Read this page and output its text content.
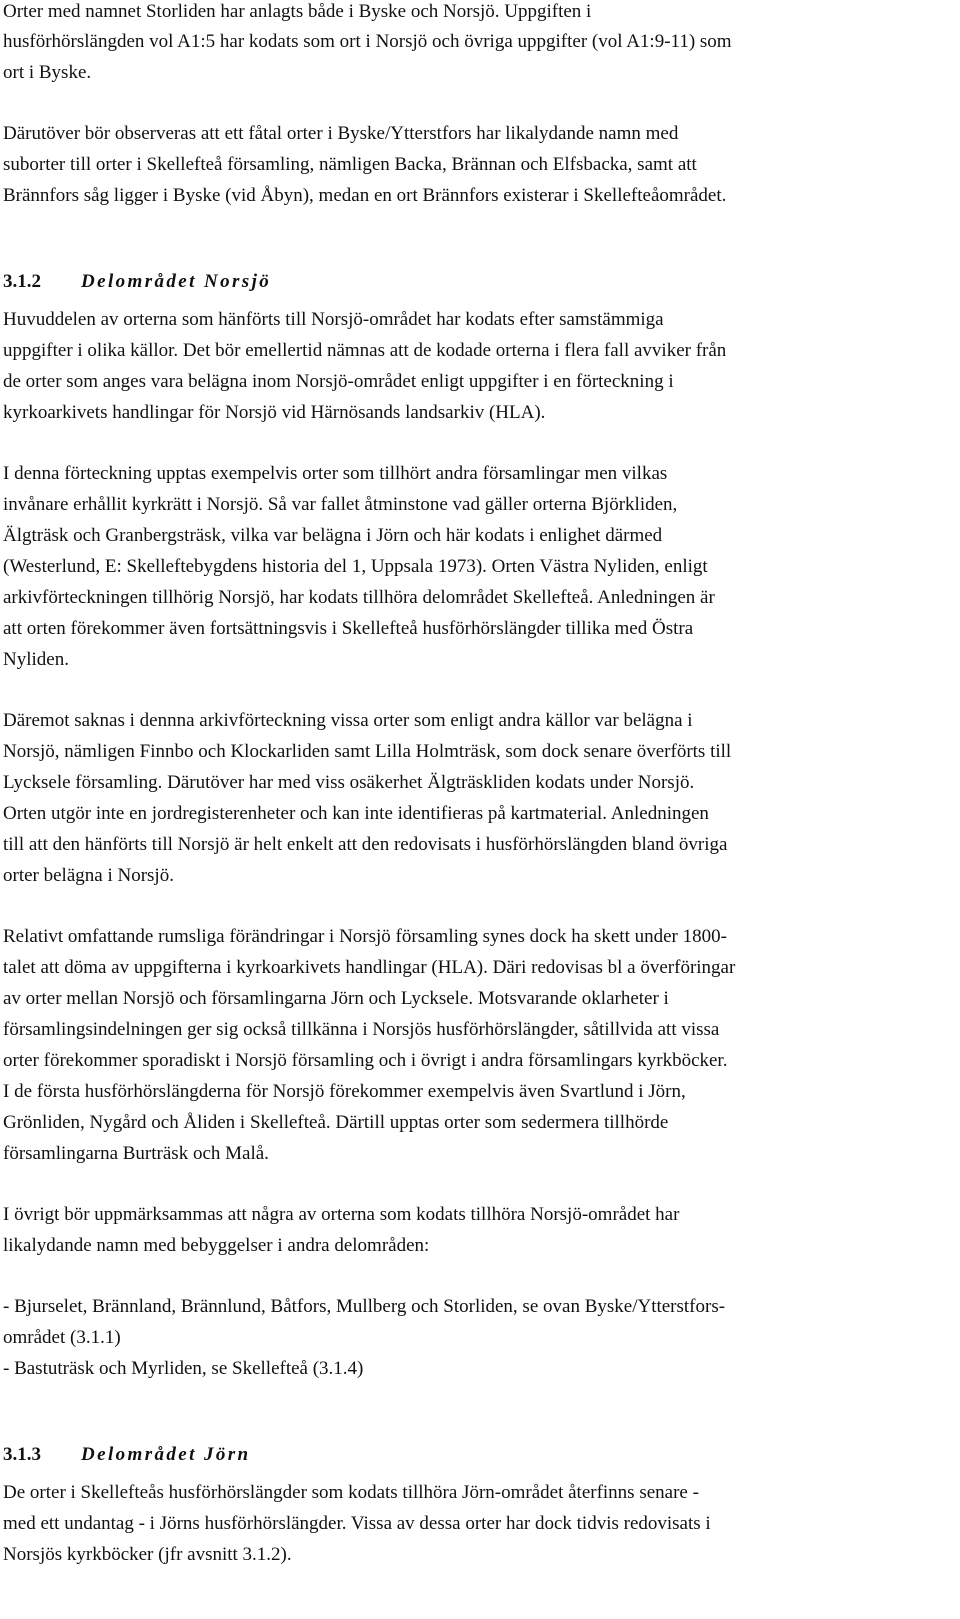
Orter med namnet Storliden har anlagts både i Byske och Norsjö. Uppgiften i
husförhörslängden vol A1:5 har kodats som ort i Norsjö och övriga uppgifter (vol A1:9-11) som
ort i Byske.
Därutöver bör observeras att ett fåtal orter i Byske/Ytterstfors har likalydande namn med
suborter till orter i Skellefteå församling, nämligen Backa, Brännan och Elfsbacka, samt att
Brännfors såg ligger i Byske (vid Åbyn), medan en ort Brännfors existerar i Skellefteåområdet.
3.1.2 Delområdet Norsjö
Huvuddelen av orterna som hänförts till Norsjö-området har kodats efter samstämmiga
uppgifter i olika källor. Det bör emellertid nämnas att de kodade orterna i flera fall avviker från
de orter som anges vara belägna inom Norsjö-området enligt uppgifter i en förteckning i
kyrkoarkivets handlingar för Norsjö vid Härnösands landsarkiv (HLA).
I denna förteckning upptas exempelvis orter som tillhört andra församlingar men vilkas
invånare erhållit kyrkrätt i Norsjö. Så var fallet åtminstone vad gäller orterna Björkliden,
Älgträsk och Granbergsträsk, vilka var belägna i Jörn och här kodats i enlighet därmed
(Westerlund, E: Skelleftebygdens historia del 1, Uppsala 1973). Orten Västra Nyliden, enligt
arkivförteckningen tillhörig Norsjö, har kodats tillhöra delområdet Skellefteå. Anledningen är
att orten förekommer även fortsättningsvis i Skellefteå husförhörslängder tillika med Östra
Nyliden.
Däremot saknas i dennna arkivförteckning vissa orter som enligt andra källor var belägna i
Norsjö, nämligen Finnbo och Klockarliden samt Lilla Holmträsk, som dock senare överförts till
Lycksele församling. Därutöver har med viss osäkerhet Älgträskliden kodats under Norsjö.
Orten utgör inte en jordregisterenheter och kan inte identifieras på kartmaterial. Anledningen
till att den hänförts till Norsjö är helt enkelt att den redovisats i husförhörslängden bland övriga
orter belägna i Norsjö.
Relativt omfattande rumsliga förändringar i Norsjö församling synes dock ha skett under 1800-
talet att döma av uppgifterna i kyrkoarkivets handlingar (HLA). Däri redovisas bl a överföringar
av orter mellan Norsjö och församlingarna Jörn och Lycksele. Motsvarande oklarheter i
församlingsindelningen ger sig också tillkänna i Norsjös husförhörslängder, såtillvida att vissa
orter förekommer sporadiskt i Norsjö församling och i övrigt i andra församlingars kyrkböcker.
I de första husförhörslängderna för Norsjö förekommer exempelvis även Svartlund i Jörn,
Grönliden, Nygård och Åliden i Skellefteå. Därtill upptas orter som sedermera tillhörde
församlingarna Burträsk och Malå.
I övrigt bör uppmärksammas att några av orterna som kodats tillhöra Norsjö-området har
likalydande namn med bebyggelser i andra delområden:
- Bjurselet, Brännland, Brännlund, Båtfors, Mullberg och Storliden, se ovan Byske/Ytterstfors-
området (3.1.1)
- Bastuträsk och Myrliden, se Skellefteå (3.1.4)
3.1.3 Delområdet Jörn
De orter i Skellefteås husförhörslängder som kodats tillhöra Jörn-området återfinns senare -
med ett undantag - i Jörns husförhörslängder. Vissa av dessa orter har dock tidvis redovisats i
Norsjös kyrkböcker (jfr avsnitt 3.1.2).
